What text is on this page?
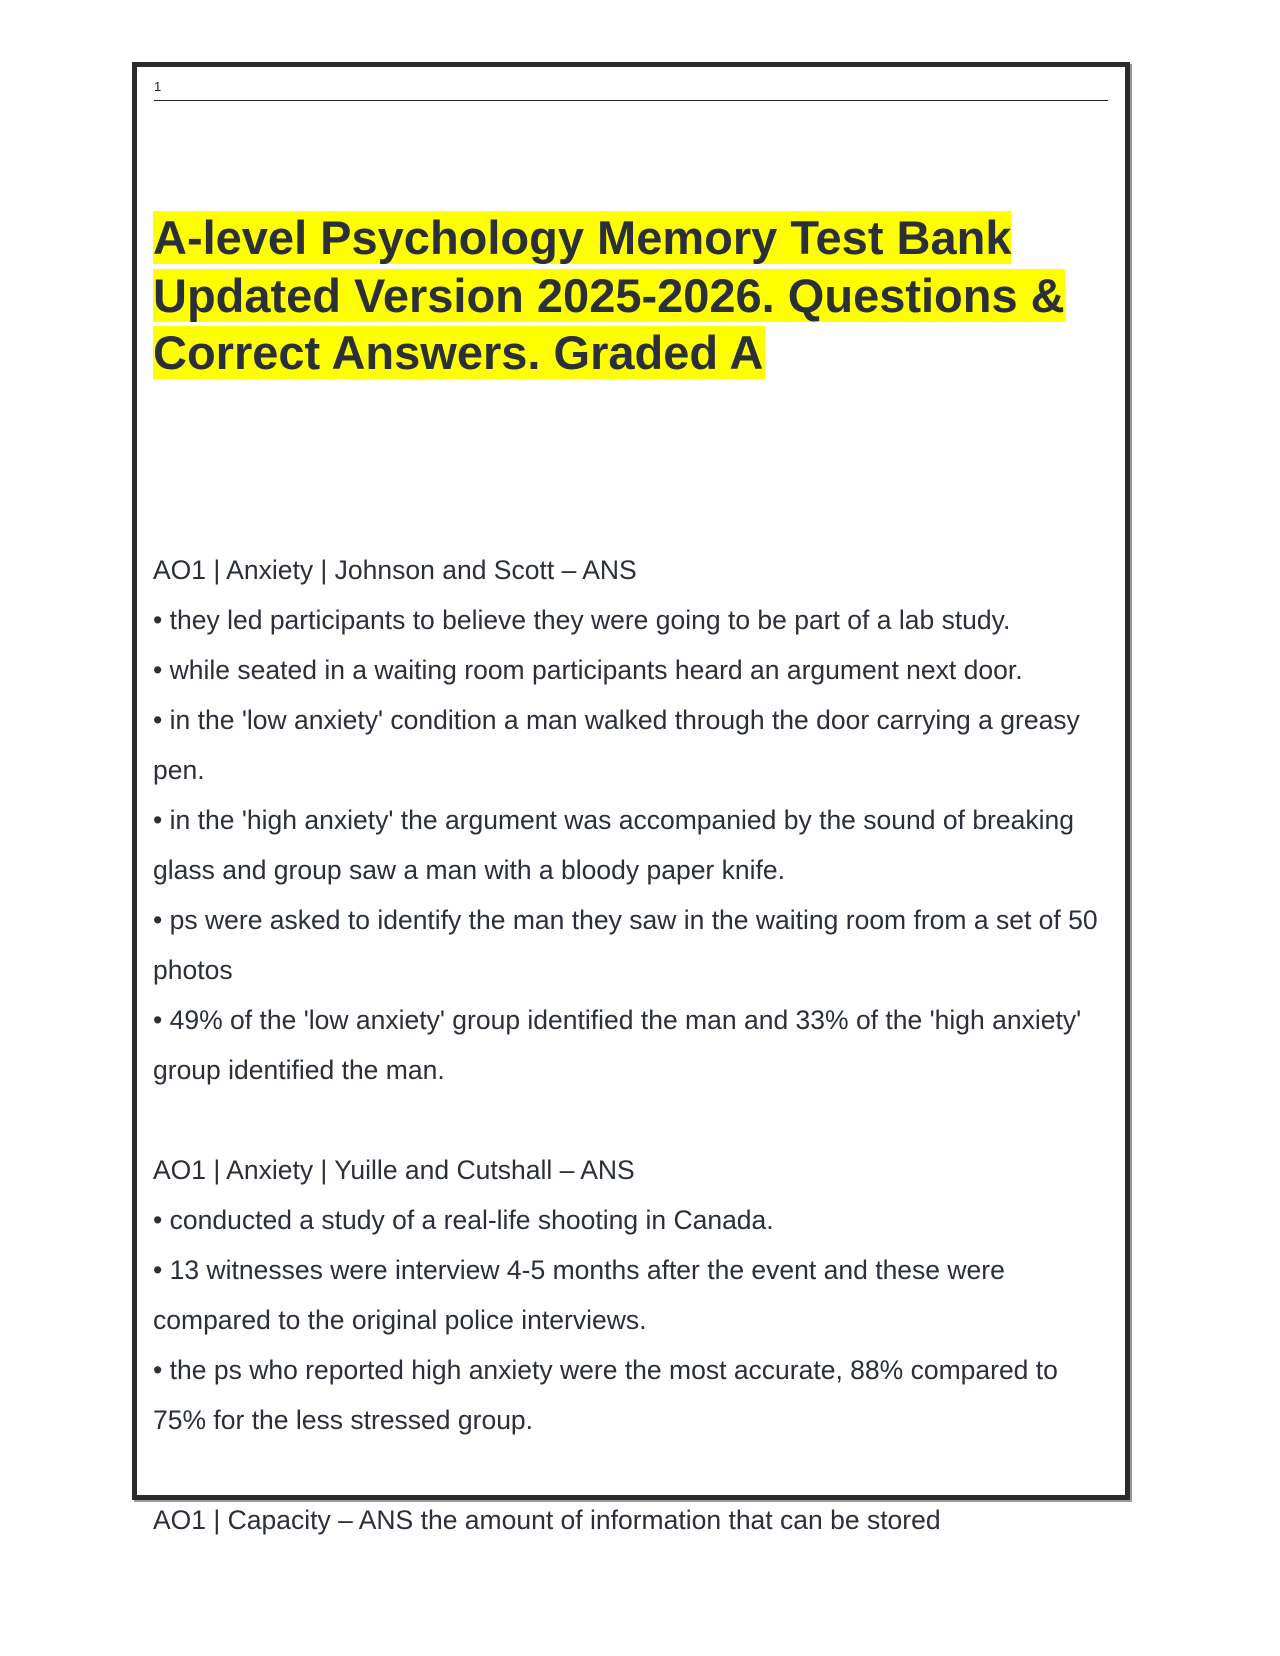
1
A-level Psychology Memory Test Bank Updated Version 2025-2026. Questions & Correct Answers. Graded A

AO1 | Anxiety | Johnson and Scott – ANS

• they led participants to believe they were going to be part of a lab study.

• while seated in a waiting room participants heard an argument next door.

• in the 'low anxiety' condition a man walked through the door carrying a greasy pen.

• in the 'high anxiety' the argument was accompanied by the sound of breaking glass and group saw a man with a bloody paper knife.

• ps were asked to identify the man they saw in the waiting room from a set of 50 photos

• 49% of the 'low anxiety' group identified the man and 33% of the 'high anxiety' group identified the man.

AO1 | Anxiety | Yuille and Cutshall – ANS

• conducted a study of a real-life shooting in Canada.

• 13 witnesses were interview 4-5 months after the event and these were compared to the original police interviews.

• the ps who reported high anxiety were the most accurate, 88% compared to 75% for the less stressed group.

AO1 | Capacity – ANS the amount of information that can be stored
